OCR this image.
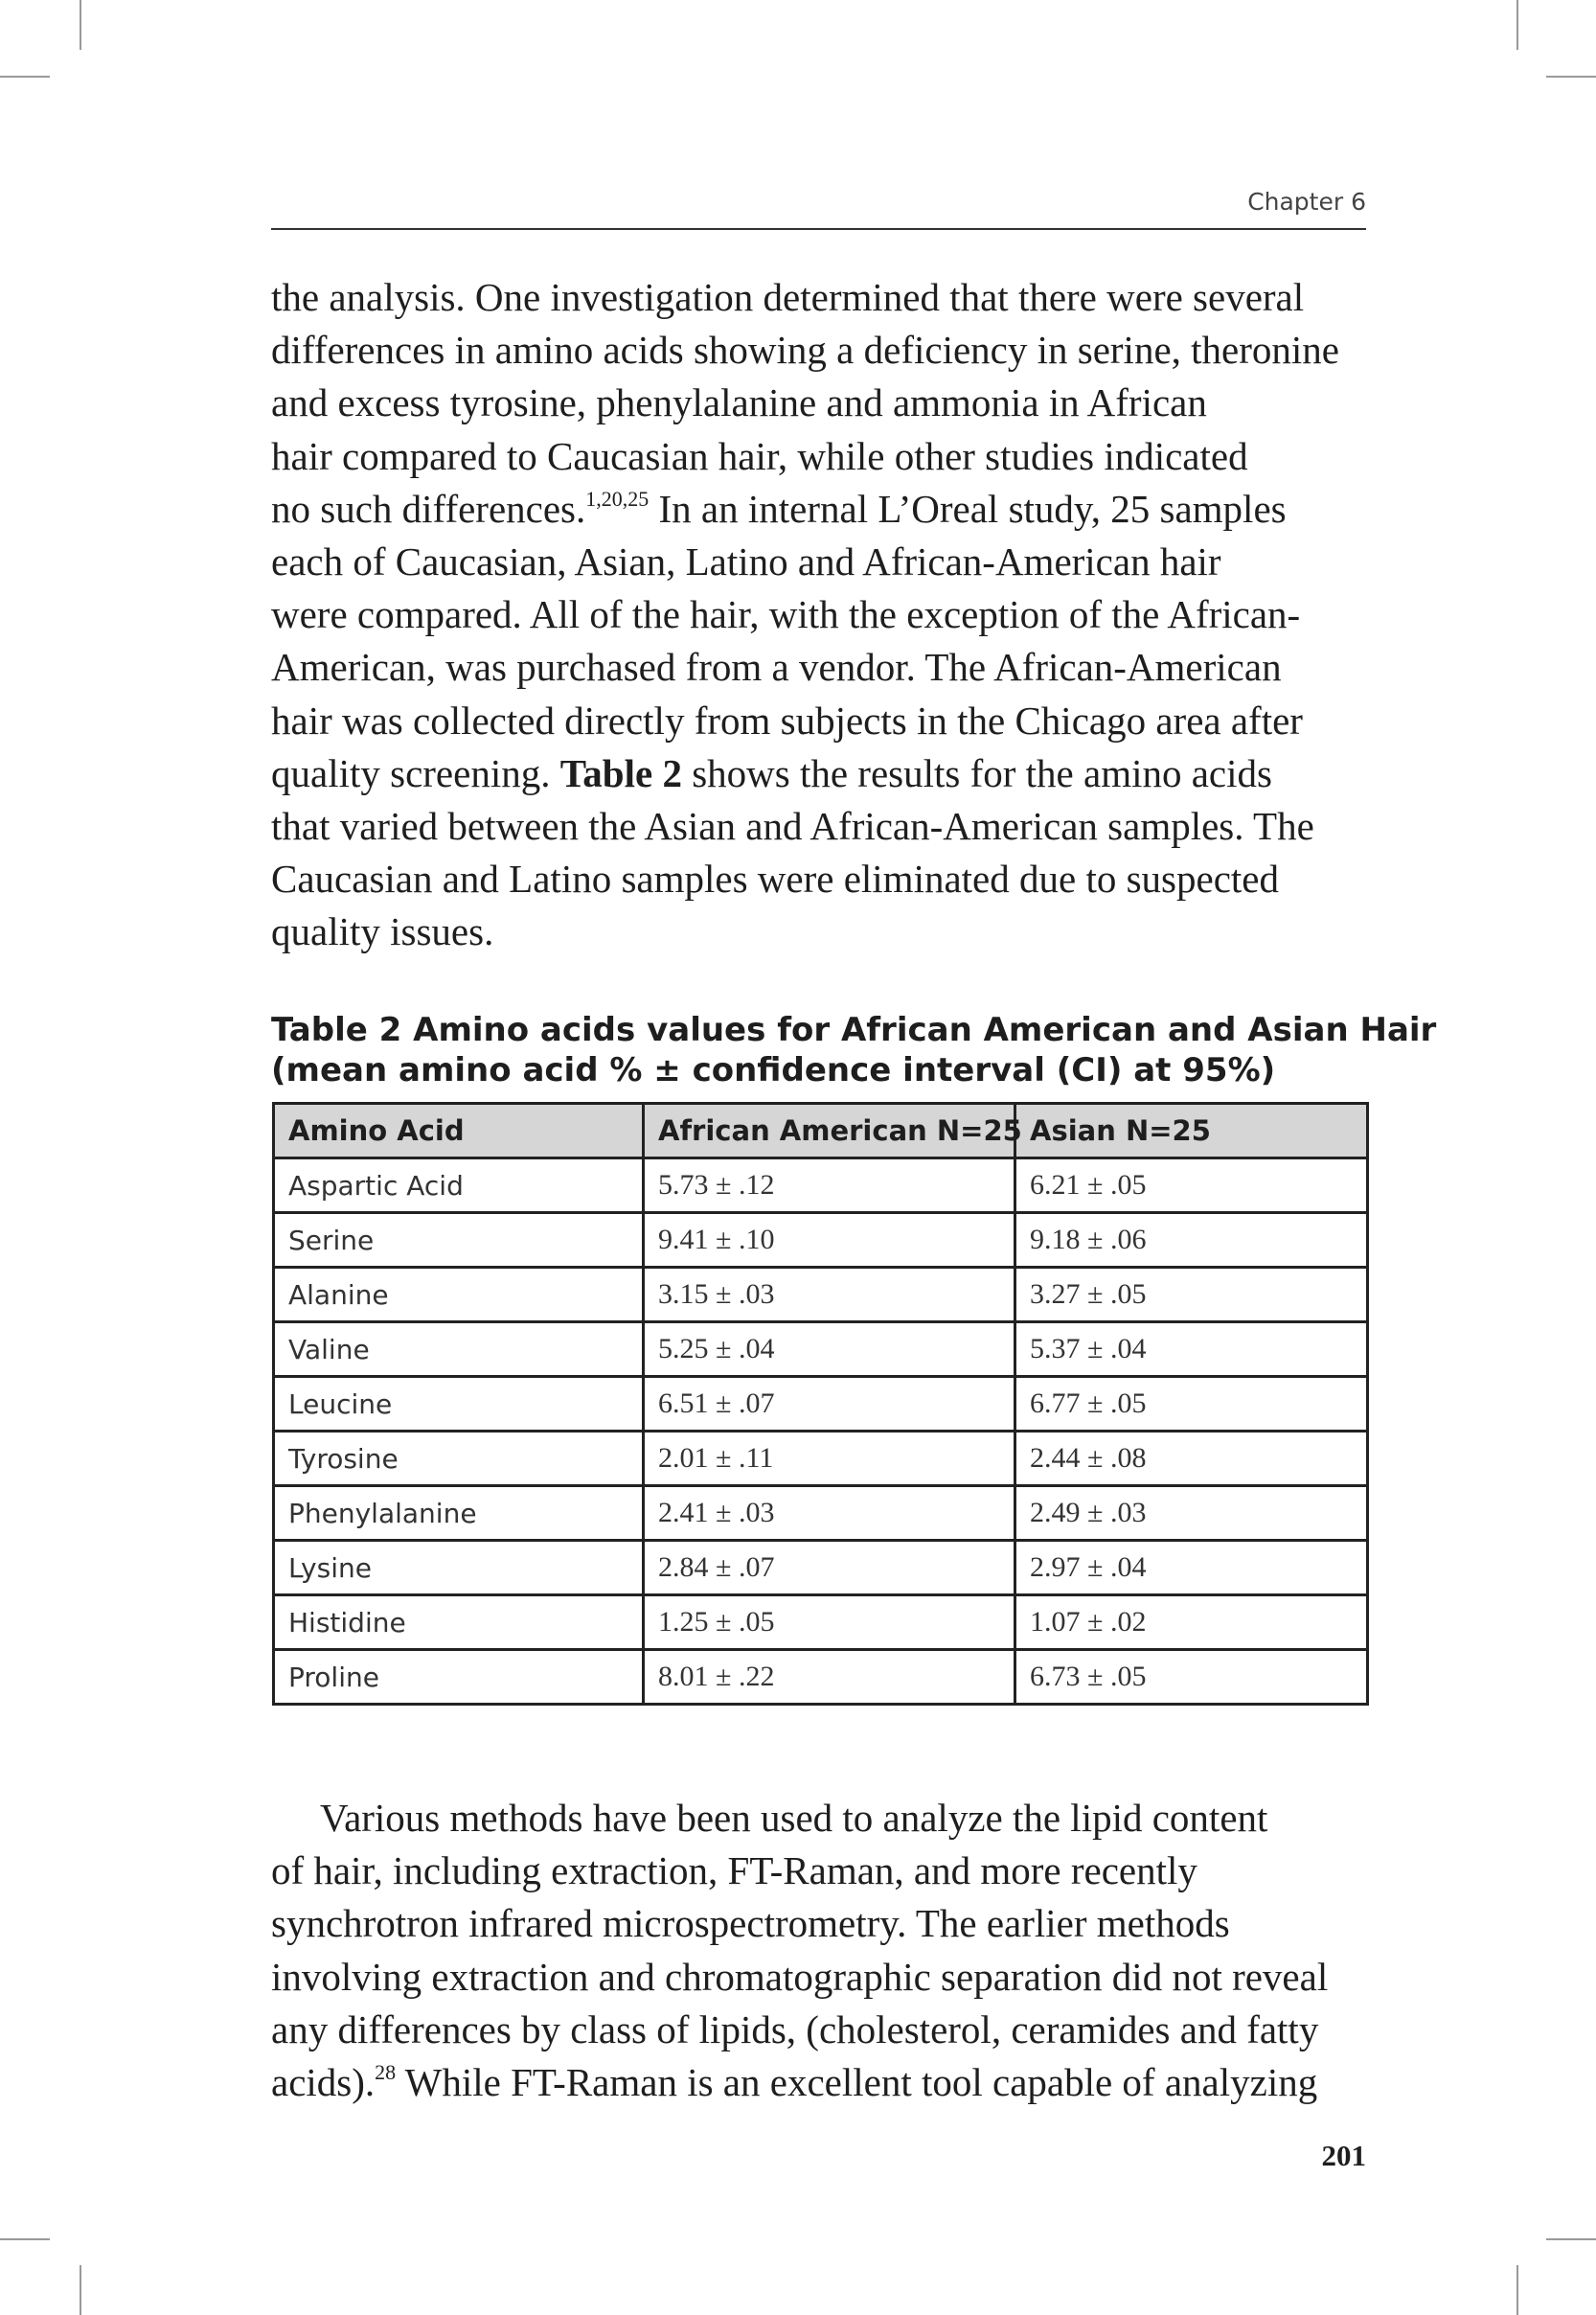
Chapter 6

the analysis. One investigation determined that there were several
differences in amino acids showing a deficiency in serine, theronine
and excess tyrosine, phenylalanine and ammonia in African
hair compared to Caucasian hair, while other studies indicated
no such differences.$^{1,20,25}$ In an internal L’Oreal study, 25 samples
each of Caucasian, Asian, Latino and African-American hair
were compared. All of the hair, with the exception of the African-
American, was purchased from a vendor. The African-American
hair was collected directly from subjects in the Chicago area after
quality screening. Table 2 shows the results for the amino acids
that varied between the Asian and African-American samples. The
Caucasian and Latino samples were eliminated due to suspected
quality issues.

Table 2 Amino acids values for African American and Asian Hair
(mean amino acid % ± confidence interval (CI) at 95%)

Amino Acid	African American N=25	Asian N=25
Aspartic Acid	5.73 ± .12	6.21 ± .05
Serine	9.41 ± .10	9.18 ± .06
Alanine	3.15 ± .03	3.27 ± .05
Valine	5.25 ± .04	5.37 ± .04
Leucine	6.51 ± .07	6.77 ± .05
Tyrosine	2.01 ± .11	2.44 ± .08
Phenylalanine	2.41 ± .03	2.49 ± .03
Lysine	2.84 ± .07	2.97 ± .04
Histidine	1.25 ± .05	1.07 ± .02
Proline	8.01 ± .22	6.73 ± .05

Various methods have been used to analyze the lipid content
of hair, including extraction, FT-Raman, and more recently
synchrotron infrared microspectrometry. The earlier methods
involving extraction and chromatographic separation did not reveal
any differences by class of lipids, (cholesterol, ceramides and fatty
acids).$^{28}$ While FT-Raman is an excellent tool capable of analyzing

201
